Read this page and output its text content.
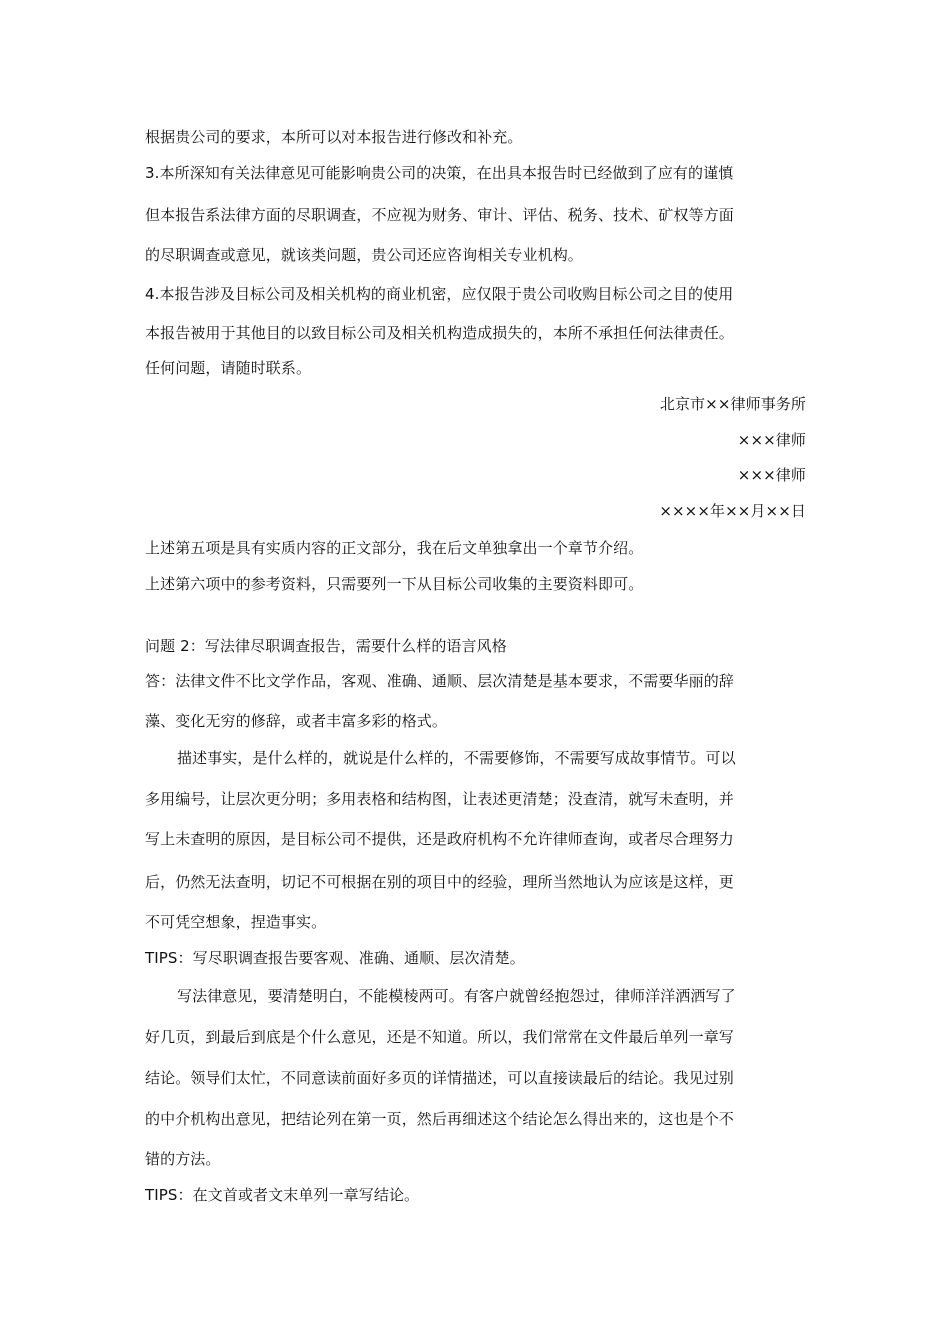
根据贵公司的要求，本所可以对本报告进行修改和补充。
3.本所深知有关法律意见可能影响贵公司的决策，在出具本报告时已经做到了应有的谨慎
但本报告系法律方面的尽职调查，不应视为财务、审计、评估、税务、技术、矿权等方面
的尽职调查或意见，就该类问题，贵公司还应咨询相关专业机构。
4.本报告涉及目标公司及相关机构的商业机密，应仅限于贵公司收购目标公司之目的使用
本报告被用于其他目的以致目标公司及相关机构造成损失的，本所不承担任何法律责任。
任何问题，请随时联系。
北京市××律师事务所
×××律师
×××律师
××××年××月××日
上述第五项是具有实质内容的正文部分，我在后文单独拿出一个章节介绍。
上述第六项中的参考资料，只需要列一下从目标公司收集的主要资料即可。
问题 2：写法律尽职调查报告，需要什么样的语言风格
答：法律文件不比文学作品，客观、准确、通顺、层次清楚是基本要求，不需要华丽的辞
藻、变化无穷的修辞，或者丰富多彩的格式。
描述事实，是什么样的，就说是什么样的，不需要修饰，不需要写成故事情节。可以
多用编号，让层次更分明；多用表格和结构图，让表述更清楚；没查清，就写未查明，并
写上未查明的原因，是目标公司不提供，还是政府机构不允许律师查询，或者尽合理努力
后，仍然无法查明，切记不可根据在别的项目中的经验，理所当然地认为应该是这样，更
不可凭空想象，捏造事实。
TIPS：写尽职调查报告要客观、准确、通顺、层次清楚。
写法律意见，要清楚明白，不能模棱两可。有客户就曾经抱怨过，律师洋洋洒洒写了
好几页，到最后到底是个什么意见，还是不知道。所以，我们常常在文件最后单列一章写
结论。领导们太忙，不同意读前面好多页的详情描述，可以直接读最后的结论。我见过别
的中介机构出意见，把结论列在第一页，然后再细述这个结论怎么得出来的，这也是个不
错的方法。
TIPS：在文首或者文末单列一章写结论。
